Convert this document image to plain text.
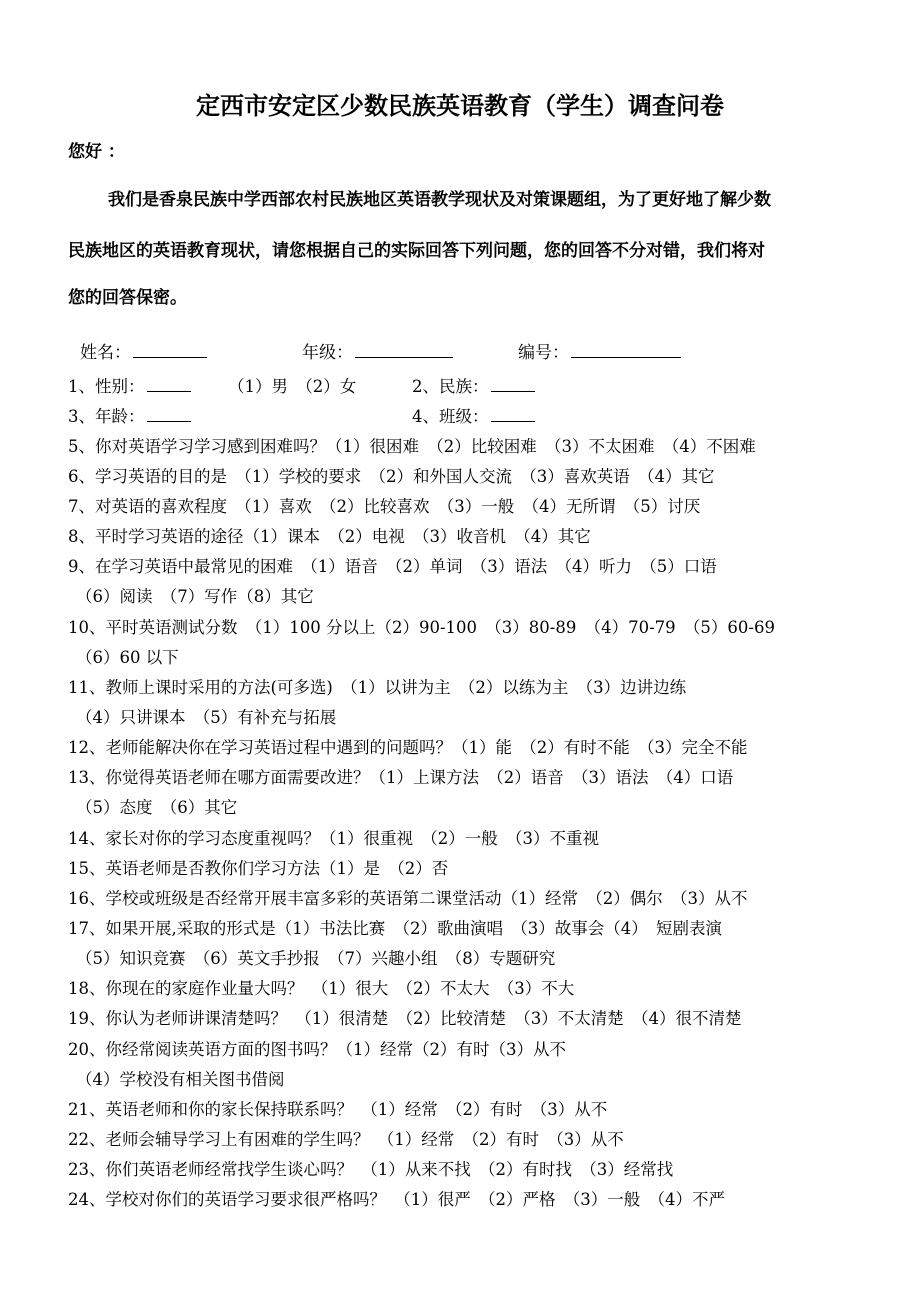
定西市安定区少数民族英语教育（学生）调查问卷
您好 ：
我们是香泉民族中学西部农村民族地区英语教学现状及对策课题组，为了更好地了解少数
民族地区的英语教育现状，请您根据自己的实际回答下列问题，您的回答不分对错，我们将对
您的回答保密。
姓名：	年级：	编号：
1、性别：	（1）男　（2）女	2、民族：
3、年龄：	4、班级：
5、你对英语学习学习感到困难吗？（1）很困难　（2）比较困难　（3）不太困难　（4）不困难
6、学习英语的目的是　（1）学校的要求　（2）和外国人交流　（3）喜欢英语　（4）其它
7、对英语的喜欢程度　（1）喜欢　（2）比较喜欢　（3）一般　（4）无所谓　（5）讨厌
8、平时学习英语的途径（1）课本　（2）电视　（3）收音机　（4）其它
9、在学习英语中最常见的困难　（1）语音　（2）单词　（3）语法　（4）听力　（5）口语
（6）阅读　（7）写作（8）其它
10、平时英语测试分数　（1）100 分以上（2）90-100　（3）80-89　（4）70-79　（5）60-69
（6）60 以下
11、教师上课时采用的方法(可多选)　（1）以讲为主　（2）以练为主　（3）边讲边练
（4）只讲课本　（5）有补充与拓展
12、老师能解决你在学习英语过程中遇到的问题吗？（1）能　（2）有时不能　（3）完全不能
13、你觉得英语老师在哪方面需要改进？（1）上课方法　（2）语音　（3）语法　（4）口语
（5）态度　（6）其它
14、家长对你的学习态度重视吗？（1）很重视　（2）一般　（3）不重视
15、英语老师是否教你们学习方法（1）是　（2）否
16、学校或班级是否经常开展丰富多彩的英语第二课堂活动（1）经常　（2）偶尔　（3）从不
17、如果开展,采取的形式是（1）书法比赛　（2）歌曲演唱　（3）故事会（4）　短剧表演
（5）知识竞赛　（6）英文手抄报　（7）兴趣小组　（8）专题研究
18、你现在的家庭作业量大吗？　（1）很大　（2）不太大　（3）不大
19、你认为老师讲课清楚吗？　（1）很清楚　（2）比较清楚　（3）不太清楚　（4）很不清楚
20、你经常阅读英语方面的图书吗？（1）经常（2）有时（3）从不
（4）学校没有相关图书借阅
21、英语老师和你的家长保持联系吗？　（1）经常　（2）有时　（3）从不
22、老师会辅导学习上有困难的学生吗？　（1）经常　（2）有时　（3）从不
23、你们英语老师经常找学生谈心吗？　（1）从来不找　（2）有时找　（3）经常找
24、学校对你们的英语学习要求很严格吗？　（1）很严　（2）严格　（3）一般　（4）不严
